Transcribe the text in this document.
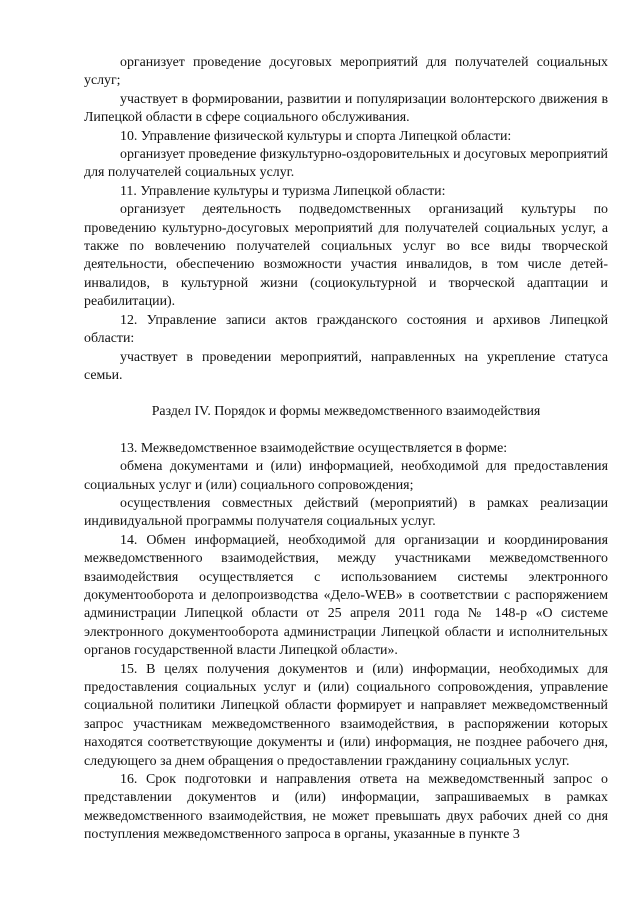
организует проведение досуговых мероприятий для получателей социальных услуг;

участвует в формировании, развитии и популяризации волонтерского движения в Липецкой области в сфере социального обслуживания.

10. Управление физической культуры и спорта Липецкой области:

организует проведение физкультурно-оздоровительных и досуговых мероприятий для получателей социальных услуг.

11. Управление культуры и туризма Липецкой области:

организует деятельность подведомственных организаций культуры по проведению культурно-досуговых мероприятий для получателей социальных услуг, а также по вовлечению получателей социальных услуг во все виды творческой деятельности, обеспечению возможности участия инвалидов, в том числе детей-инвалидов, в культурной жизни (социокультурной и творческой адаптации и реабилитации).

12. Управление записи актов гражданского состояния и архивов Липецкой области:

участвует в проведении мероприятий, направленных на укрепление статуса семьи.

Раздел IV. Порядок и формы межведомственного взаимодействия

13. Межведомственное взаимодействие осуществляется в форме:

обмена документами и (или) информацией, необходимой для предоставления социальных услуг и (или) социального сопровождения;

осуществления совместных действий (мероприятий) в рамках реализации индивидуальной программы получателя социальных услуг.

14. Обмен информацией, необходимой для организации и координирования межведомственного взаимодействия, между участниками межведомственного взаимодействия осуществляется с использованием системы электронного документооборота и делопроизводства «Дело-WEB» в соответствии с распоряжением администрации Липецкой области от 25 апреля 2011 года № 148-р «О системе электронного документооборота администрации Липецкой области и исполнительных органов государственной власти Липецкой области».

15. В целях получения документов и (или) информации, необходимых для предоставления социальных услуг и (или) социального сопровождения, управление социальной политики Липецкой области формирует и направляет межведомственный запрос участникам межведомственного взаимодействия, в распоряжении которых находятся соответствующие документы и (или) информация, не позднее рабочего дня, следующего за днем обращения о предоставлении гражданину социальных услуг.

16. Срок подготовки и направления ответа на межведомственный запрос о представлении документов и (или) информации, запрашиваемых в рамках межведомственного взаимодействия, не может превышать двух рабочих дней со дня поступления межведомственного запроса в органы, указанные в пункте 3
